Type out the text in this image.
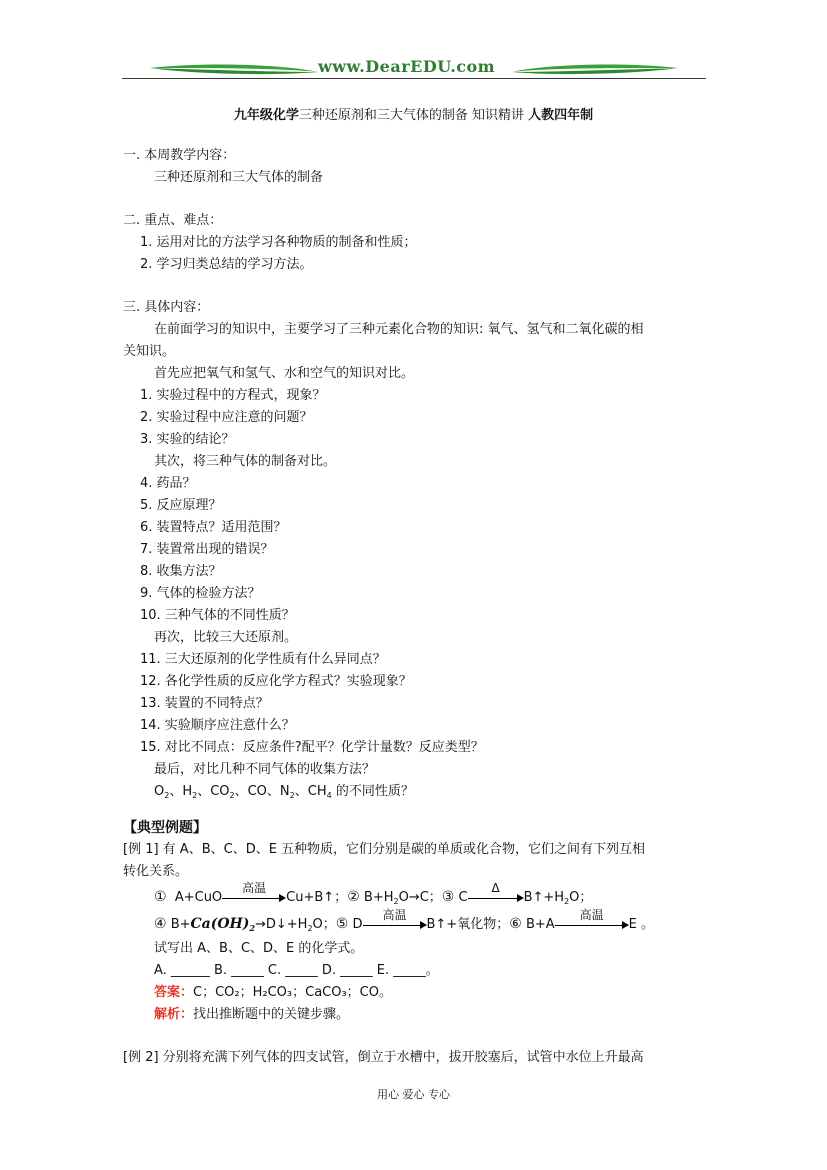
www.DearEDU.com
九年级化学三种还原剂和三大气体的制备 知识精讲 人教四年制
一. 本周教学内容：
三种还原剂和三大气体的制备
二. 重点、难点：
1. 运用对比的方法学习各种物质的制备和性质；
2. 学习归类总结的学习方法。
三. 具体内容：
在前面学习的知识中，主要学习了三种元素化合物的知识: 氧气、氢气和二氧化碳的相
关知识。
首先应把氧气和氢气、水和空气的知识对比。
1. 实验过程中的方程式，现象？
2. 实验过程中应注意的问题？
3. 实验的结论？
其次，将三种气体的制备对比。
4. 药品？
5. 反应原理？
6. 装置特点？适用范围？
7. 装置常出现的错误？
8. 收集方法？
9. 气体的检验方法？
10. 三种气体的不同性质？
再次，比较三大还原剂。
11. 三大还原剂的化学性质有什么异同点？
12. 各化学性质的反应化学方程式？实验现象？
13. 装置的不同特点？
14. 实验顺序应注意什么？
15. 对比不同点：反应条件?配平？化学计量数？反应类型？
最后，对比几种不同气体的收集方法？
$O_2$、$H_2$、$CO_2$、CO、$N_2$、$CH_4$ 的不同性质？
【典型例题】
[例 1] 有 A、B、C、D、E 五种物质，它们分别是碳的单质或化合物，它们之间有下列互相
转化关系。
①  A+CuO
高温
Cu+B↑；② $B+H_2O\to C$；③ C
Δ
$B↑+H_2O$；
④ $B+Ca(OH)_2\to D↓+H_2O$；⑤ D
高温
B↑+氧化物；⑥ B+A
高温
E 。
试写出 A、B、C、D、E 的化学式。
A. ______ B. _____ C. _____ D. _____ E. _____。
答案：C；CO₂；H₂CO₃；CaCO₃；CO。
解析：找出推断题中的关键步骤。
[例 2] 分别将充满下列气体的四支试管，倒立于水槽中，拔开胶塞后，试管中水位上升最高
用心 爱心 专心
